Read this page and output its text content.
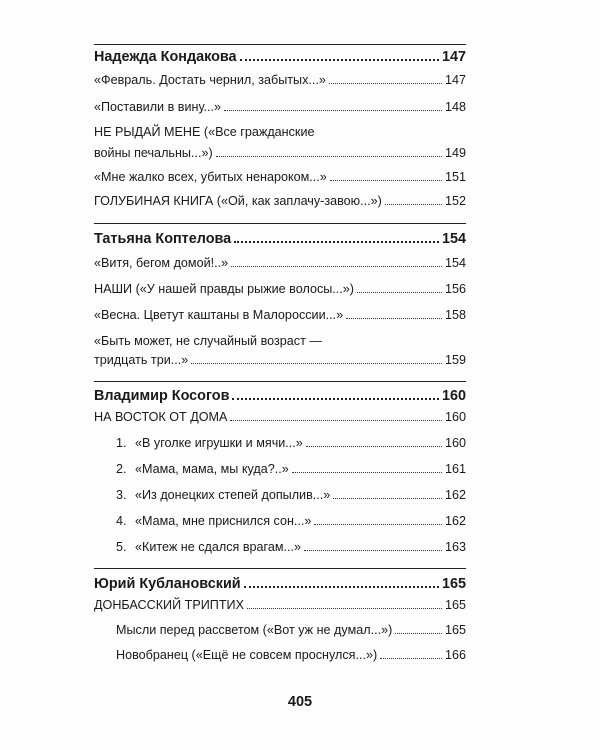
Надежда Кондакова	147
«Февраль. Достать чернил, забытых...»	147
«Поставили в вину...»	148
НЕ РЫДАЙ МЕНЕ («Все гражданские
войны печальны...»)	149
«Мне жалко всех, убитых ненароком...»	151
ГОЛУБИНАЯ КНИГА («Ой, как заплачу-завою...»)	152
Татьяна Коптелова	154
«Витя, бегом домой!..»	154
НАШИ («У нашей правды рыжие волосы...»)	156
«Весна. Цветут каштаны в Малороссии...»	158
«Быть может, не случайный возраст —
тридцать три...»	159
Владимир Косогов	160
НА ВОСТОК ОТ ДОМА	160
1. «В уголке игрушки и мячи...»	160
2. «Мама, мама, мы куда?..»	161
3. «Из донецких степей допылив...»	162
4. «Мама, мне приснился сон...»	162
5. «Китеж не сдался врагам...»	163
Юрий Кублановский	165
ДОНБАССКИЙ ТРИПТИХ	165
Мысли перед рассветом («Вот уж не думал...»)	165
Новобранец («Ещё не совсем проснулся...»)	166
405
